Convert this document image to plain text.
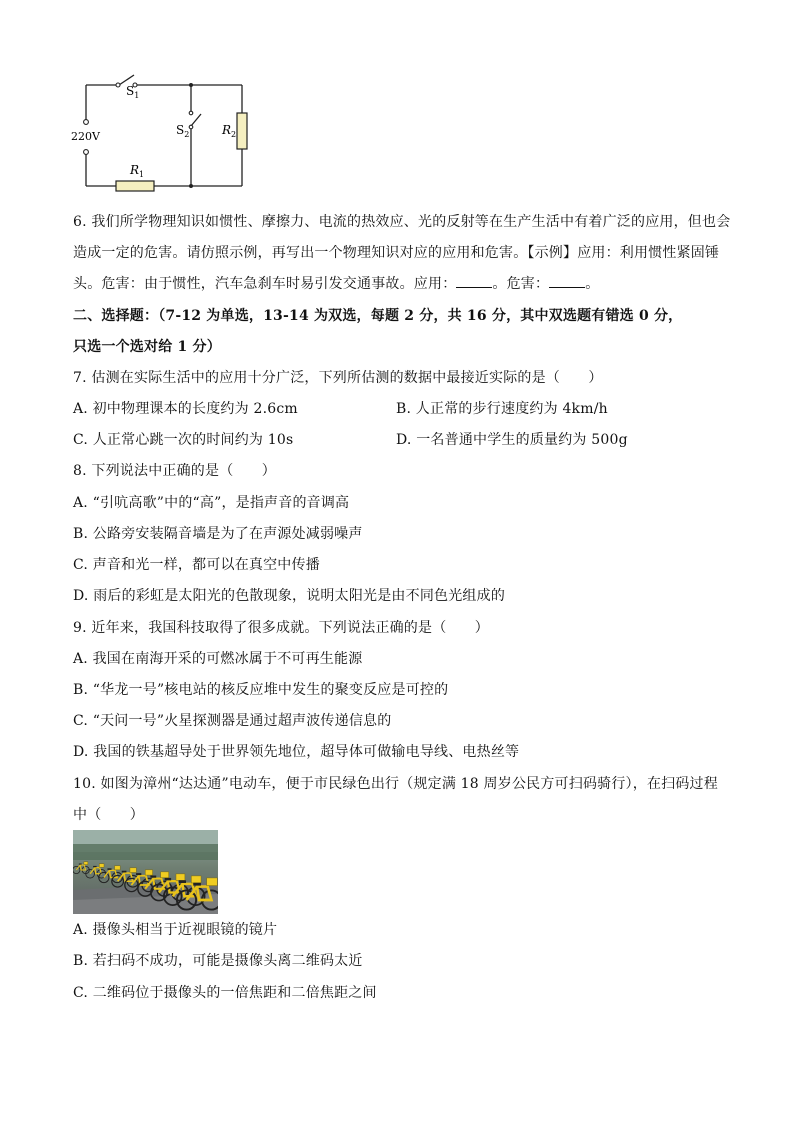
$S_1$
$S_2$
220V
$R_1$
$R_2$
6. 我们所学物理知识如惯性、摩擦力、电流的热效应、光的反射等在生产生活中有着广泛的应用，但也会
造成一定的危害。请仿照示例，再写出一个物理知识对应的应用和危害。【示例】应用：利用惯性紧固锤
头。危害：由于惯性，汽车急刹车时易引发交通事故。应用：	。危害：	。
二、选择题：（7-12 为单选，13-14 为双选，每题 2 分，共 16 分，其中双选题有错选 0 分，
只选一个选对给 1 分）
7. 估测在实际生活中的应用十分广泛，下列所估测的数据中最接近实际的是（　　）
A. 初中物理课本的长度约为 2.6cm	B. 人正常的步行速度约为 4km/h
C. 人正常心跳一次的时间约为 10s	D. 一名普通中学生的质量约为 500g
8. 下列说法中正确的是（　　）
A. “引吭高歌”中的“高”，是指声音的音调高
B. 公路旁安装隔音墙是为了在声源处减弱噪声
C. 声音和光一样，都可以在真空中传播
D. 雨后的彩虹是太阳光的色散现象，说明太阳光是由不同色光组成的
9. 近年来，我国科技取得了很多成就。下列说法正确的是（　　）
A. 我国在南海开采的可燃冰属于不可再生能源
B. “华龙一号”核电站的核反应堆中发生的聚变反应是可控的
C. “天问一号”火星探测器是通过超声波传递信息的
D. 我国的铁基超导处于世界领先地位，超导体可做输电导线、电热丝等
10. 如图为漳州“达达通”电动车，便于市民绿色出行（规定满 18 周岁公民方可扫码骑行），在扫码过程
中（　　）
A. 摄像头相当于近视眼镜的镜片
B. 若扫码不成功，可能是摄像头离二维码太近
C. 二维码位于摄像头的一倍焦距和二倍焦距之间
